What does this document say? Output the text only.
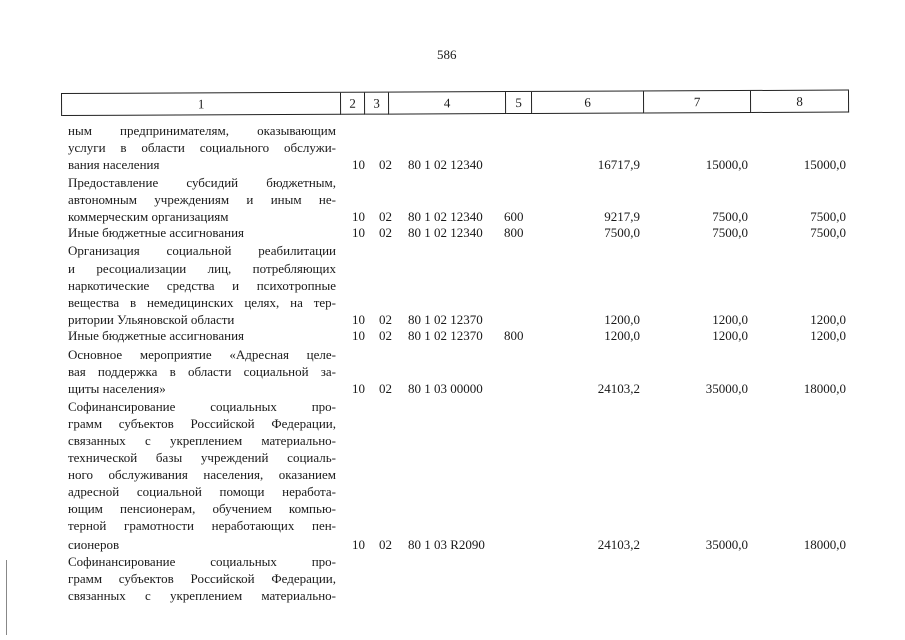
586
1	2	3	4	5	6	7	8
ным предпринимателям, оказывающим
услуги в области социального обслужи-
вания населения	10 02 80 1 02 12340	16717,9	15000,0	15000,0
Предоставление субсидий бюджетным,
автономным учреждениям и иным не-
коммерческим организациям	10 02 80 1 02 12340 600	9217,9	7500,0	7500,0
Иные бюджетные ассигнования	10 02 80 1 02 12340 800	7500,0	7500,0	7500,0
Организация социальной реабилитации
и ресоциализации лиц, потребляющих
наркотические средства и психотропные
вещества в немедицинских целях, на тер-
ритории Ульяновской области	10 02 80 1 02 12370	1200,0	1200,0	1200,0
Иные бюджетные ассигнования	10 02 80 1 02 12370 800	1200,0	1200,0	1200,0
Основное мероприятие «Адресная целе-
вая поддержка в области социальной за-
щиты населения»	10 02 80 1 03 00000	24103,2	35000,0	18000,0
Софинансирование социальных про-
грамм субъектов Российской Федерации,
связанных с укреплением материально-
технической базы учреждений социаль-
ного обслуживания населения, оказанием
адресной социальной помощи неработа-
ющим пенсионерам, обучением компью-
терной грамотности неработающих пен-
сионеров	10 02 80 1 03 R2090	24103,2	35000,0	18000,0
Софинансирование социальных про-
грамм субъектов Российской Федерации,
связанных с укреплением материально-
